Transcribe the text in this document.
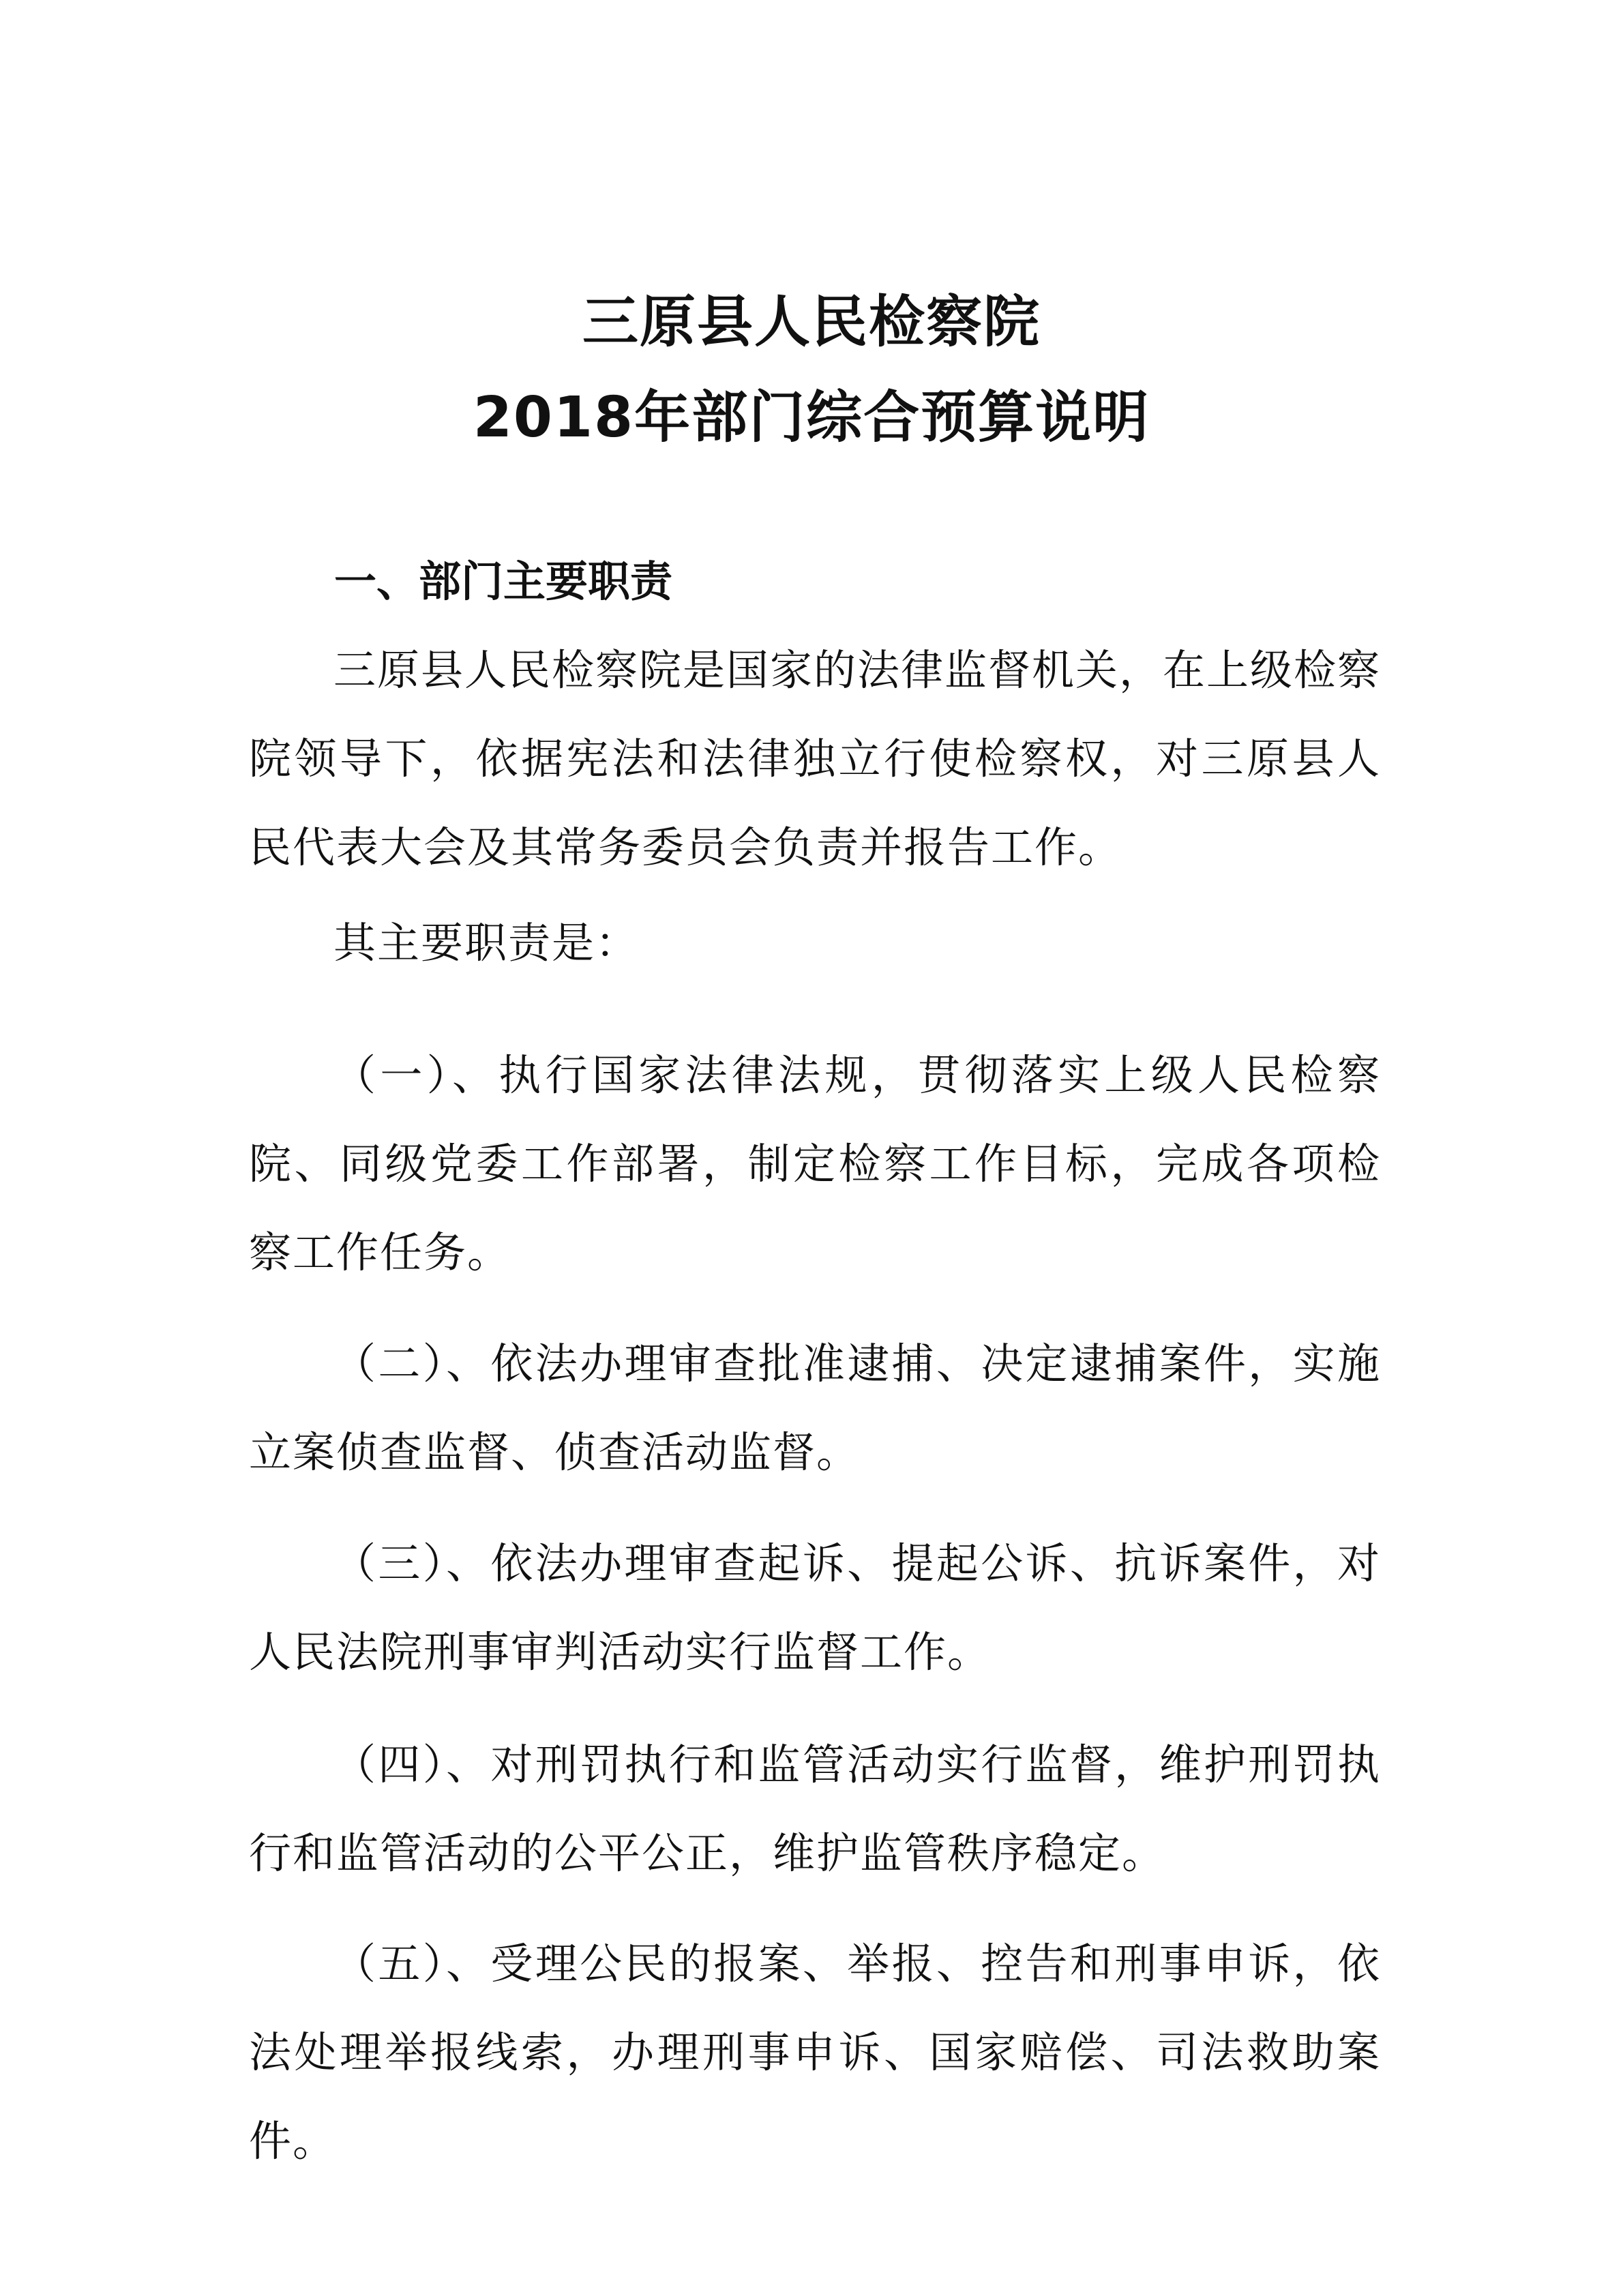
三原县人民检察院
2018年部门综合预算说明
一、部门主要职责

三原县人民检察院是国家的法律监督机关，在上级检察院领导下，依据宪法和法律独立行使检察权，对三原县人民代表大会及其常务委员会负责并报告工作。

其主要职责是：

（一）、执行国家法律法规，贯彻落实上级人民检察院、同级党委工作部署，制定检察工作目标，完成各项检察工作任务。

（二）、依法办理审查批准逮捕、决定逮捕案件，实施立案侦查监督、侦查活动监督。

（三）、依法办理审查起诉、提起公诉、抗诉案件，对人民法院刑事审判活动实行监督工作。

（四）、对刑罚执行和监管活动实行监督，维护刑罚执行和监管活动的公平公正，维护监管秩序稳定。

（五）、受理公民的报案、举报、控告和刑事申诉，依法处理举报线索，办理刑事申诉、国家赔偿、司法救助案件。
